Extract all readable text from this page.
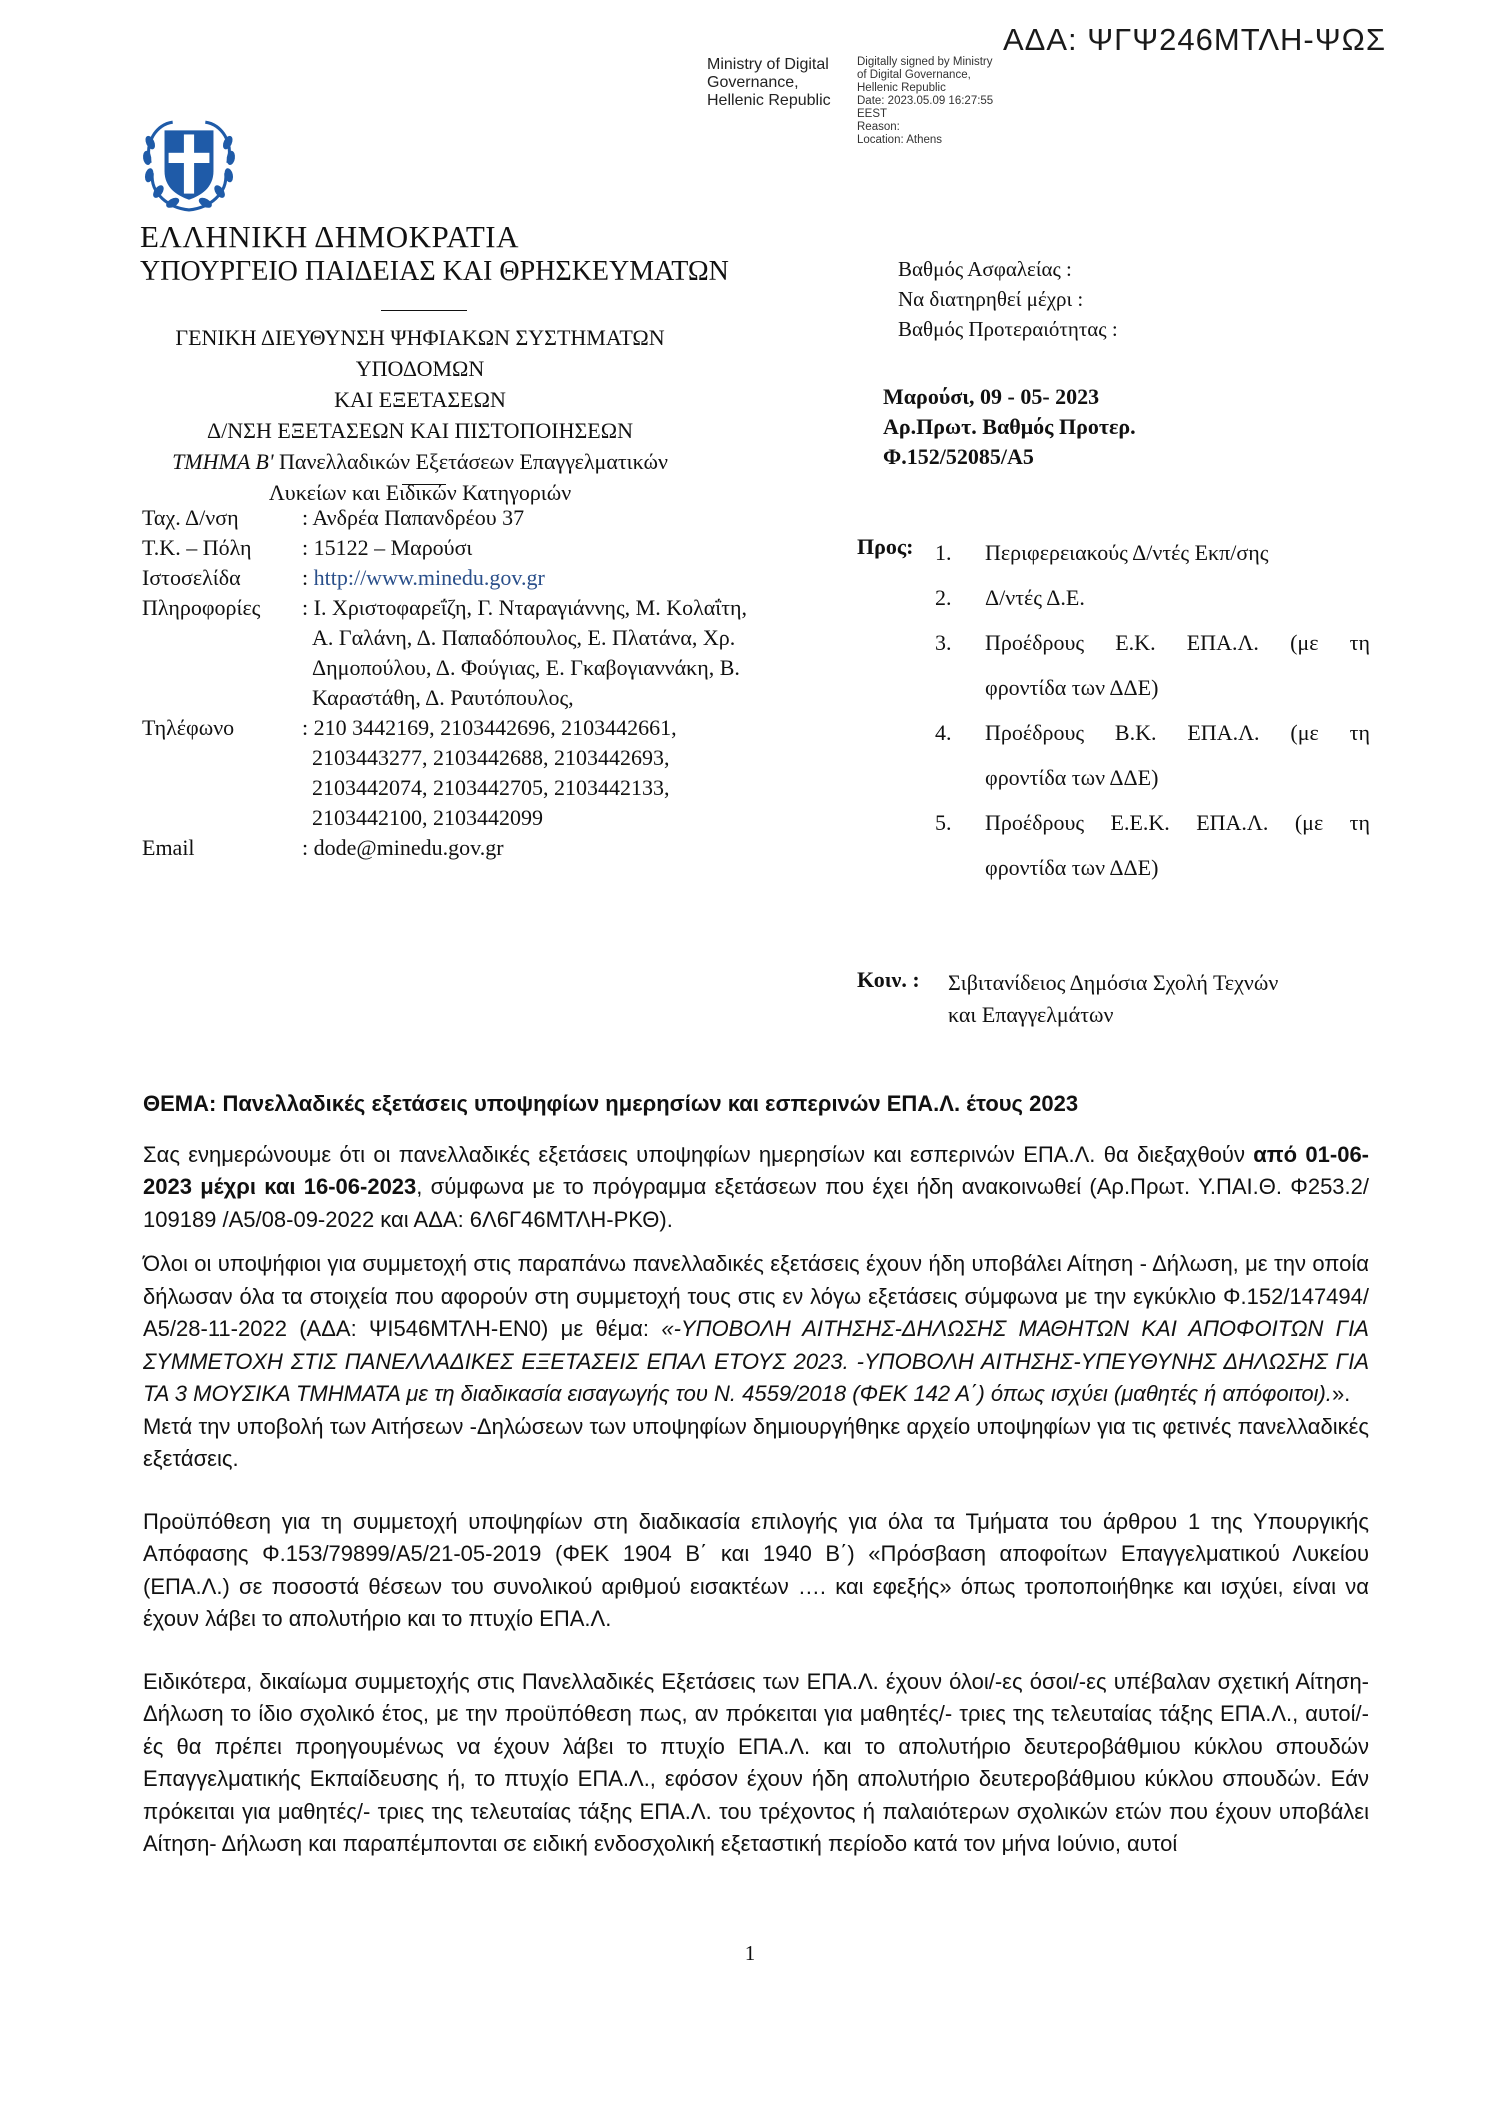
ΑΔΑ: ΨΓΨ246ΜΤΛΗ-ΨΩΣ
Ministry of Digital
Governance,
Hellenic Republic
Digitally signed by Ministry
of Digital Governance,
Hellenic Republic
Date: 2023.05.09 16:27:55
EEST
Reason:
Location: Athens
ΕΛΛΗΝΙΚΗ ΔΗΜΟΚΡΑΤΙΑ
ΥΠΟΥΡΓΕΙΟ ΠΑΙΔΕΙΑΣ ΚΑΙ ΘΡΗΣΚΕΥΜΑΤΩΝ
ΓΕΝΙΚΗ ΔΙΕΥΘΥΝΣΗ ΨΗΦΙΑΚΩΝ ΣΥΣΤΗΜΑΤΩΝ ΥΠΟΔΟΜΩΝ
ΚΑΙ ΕΞΕΤΑΣΕΩΝ
Δ/ΝΣΗ ΕΞΕΤΑΣΕΩΝ ΚΑΙ ΠΙΣΤΟΠΟΙΗΣΕΩΝ
ΤΜΗΜΑ Β' Πανελλαδικών Εξετάσεων Επαγγελματικών
Λυκείων και Ειδικών Κατηγοριών
Βαθμός Ασφαλείας :
Να διατηρηθεί μέχρι :
Βαθμός Προτεραιότητας :
Μαρούσι, 09 - 05- 2023
Αρ.Πρωτ. Βαθμός Προτερ.
Φ.152/52085/Α5
Ταχ. Δ/νση	: Ανδρέα Παπανδρέου 37
Τ.Κ. – Πόλη	: 15122 – Μαρούσι
Ιστοσελίδα	: http://www.minedu.gov.gr
Πληροφορίες	: Ι. Χριστοφαρεΐζη, Γ. Νταραγιάννης, Μ. Κολαΐτη,
Α. Γαλάνη, Δ. Παπαδόπουλος, Ε. Πλατάνα, Χρ.
Δημοπούλου, Δ. Φούγιας, Ε. Γκαβογιαννάκη, Β.
Καραστάθη, Δ. Ραυτόπουλος,
Τηλέφωνο	: 210 3442169, 2103442696, 2103442661,
2103443277, 2103442688, 2103442693,
2103442074, 2103442705, 2103442133,
2103442100, 2103442099
Email	: dode@minedu.gov.gr
Προς: 1.	Περιφερειακούς Δ/ντές Εκπ/σης
2.	Δ/ντές Δ.Ε.
3.	Προέδρους Ε.Κ. ΕΠΑ.Λ. (με τη
φροντίδα των ΔΔΕ)
4.	Προέδρους Β.Κ. ΕΠΑ.Λ. (με τη
φροντίδα των ΔΔΕ)
5.	Προέδρους Ε.Ε.Κ. ΕΠΑ.Λ. (με τη
φροντίδα των ΔΔΕ)
Κοιν. : Σιβιτανίδειος Δημόσια Σχολή Τεχνών
και Επαγγελμάτων

ΘΕΜΑ: Πανελλαδικές εξετάσεις υποψηφίων ημερησίων και εσπερινών ΕΠΑ.Λ. έτους 2023

Σας ενημερώνουμε ότι οι πανελλαδικές εξετάσεις υποψηφίων ημερησίων και εσπερινών ΕΠΑ.Λ. θα διεξαχθούν από 01-06-2023 μέχρι και 16-06-2023, σύμφωνα με το πρόγραμμα εξετάσεων που έχει ήδη ανακοινωθεί (Αρ.Πρωτ. Υ.ΠΑΙ.Θ. Φ253.2/ 109189 /Α5/08-09-2022 και ΑΔΑ: 6Λ6Γ46ΜΤΛΗ-ΡΚΘ).

Όλοι οι υποψήφιοι για συμμετοχή στις παραπάνω πανελλαδικές εξετάσεις έχουν ήδη υποβάλει Αίτηση - Δήλωση, με την οποία δήλωσαν όλα τα στοιχεία που αφορούν στη συμμετοχή τους στις εν λόγω εξετάσεις σύμφωνα με την εγκύκλιο Φ.152/147494/Α5/28-11-2022 (ΑΔΑ: ΨΙ546ΜΤΛΗ-ΕΝ0) με θέμα: «-ΥΠΟΒΟΛΗ ΑΙΤΗΣΗΣ-ΔΗΛΩΣΗΣ ΜΑΘΗΤΩΝ ΚΑΙ ΑΠΟΦΟΙΤΩΝ ΓΙΑ ΣΥΜΜΕΤΟΧΗ ΣΤΙΣ ΠΑΝΕΛΛΑΔΙΚΕΣ ΕΞΕΤΑΣΕΙΣ ΕΠΑΛ ΕΤΟΥΣ 2023. -ΥΠΟΒΟΛΗ ΑΙΤΗΣΗΣ-ΥΠΕΥΘΥΝΗΣ ΔΗΛΩΣΗΣ ΓΙΑ ΤΑ 3 ΜΟΥΣΙΚΑ ΤΜΗΜΑΤΑ με τη διαδικασία εισαγωγής του Ν. 4559/2018 (ΦΕΚ 142 Α΄) όπως ισχύει (μαθητές ή απόφοιτοι).».

Μετά την υποβολή των Αιτήσεων -Δηλώσεων των υποψηφίων δημιουργήθηκε αρχείο υποψηφίων για τις φετινές πανελλαδικές εξετάσεις.

Προϋπόθεση για τη συμμετοχή υποψηφίων στη διαδικασία επιλογής για όλα τα Τμήματα του άρθρου 1 της Υπουργικής Απόφασης Φ.153/79899/Α5/21-05-2019 (ΦΕΚ 1904 Β΄ και 1940 Β΄) «Πρόσβαση αποφοίτων Επαγγελματικού Λυκείου (ΕΠΑ.Λ.) σε ποσοστά θέσεων του συνολικού αριθμού εισακτέων …. και εφεξής» όπως τροποποιήθηκε και ισχύει, είναι να έχουν λάβει το απολυτήριο και το πτυχίο ΕΠΑ.Λ.

Ειδικότερα, δικαίωμα συμμετοχής στις Πανελλαδικές Εξετάσεις των ΕΠΑ.Λ. έχουν όλοι/-ες όσοι/-ες υπέβαλαν σχετική Αίτηση- Δήλωση το ίδιο σχολικό έτος, με την προϋπόθεση πως, αν πρόκειται για μαθητές/- τριες της τελευταίας τάξης ΕΠΑ.Λ., αυτοί/-ές θα πρέπει προηγουμένως να έχουν λάβει το πτυχίο ΕΠΑ.Λ. και το απολυτήριο δευτεροβάθμιου κύκλου σπουδών Επαγγελματικής Εκπαίδευσης ή, το πτυχίο ΕΠΑ.Λ., εφόσον έχουν ήδη απολυτήριο δευτεροβάθμιου κύκλου σπουδών. Εάν πρόκειται για μαθητές/- τριες της τελευταίας τάξης ΕΠΑ.Λ. του τρέχοντος ή παλαιότερων σχολικών ετών που έχουν υποβάλει Αίτηση- Δήλωση και παραπέμπονται σε ειδική ενδοσχολική εξεταστική περίοδο κατά τον μήνα Ιούνιο, αυτοί

1
